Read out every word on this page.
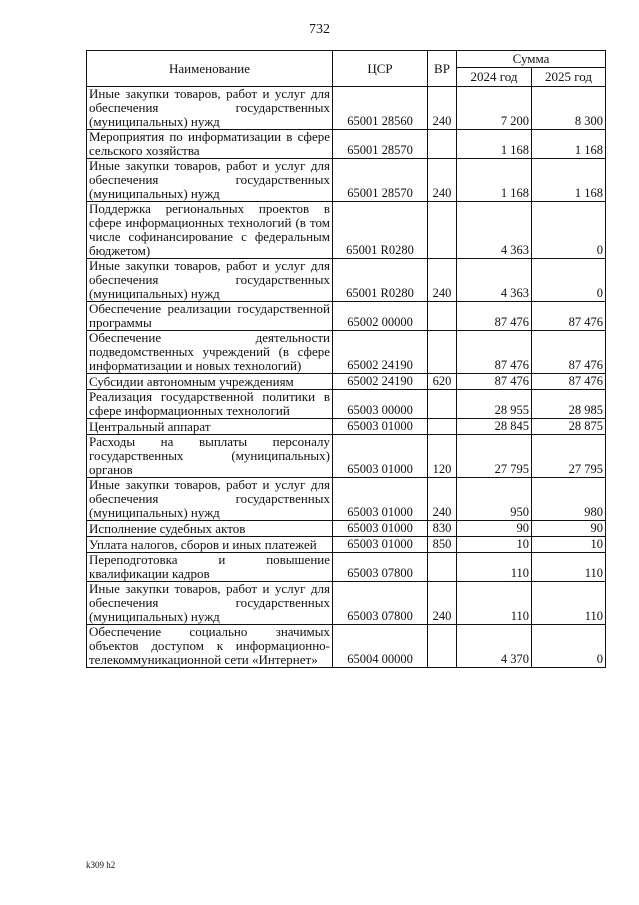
732
Наименование	ЦСР	ВР	Сумма	
			2024 год	2025 год
Иные закупки товаров, работ и услуг для обеспечения государственных (муниципальных) нужд	65001 28560	240	7 200	8 300
Мероприятия по информатизации в сфере сельского хозяйства	65001 28570		1 168	1 168
Иные закупки товаров, работ и услуг для обеспечения государственных (муниципальных) нужд	65001 28570	240	1 168	1 168
Поддержка региональных проектов в сфере информационных технологий (в том числе софинансирование с федеральным бюджетом)	65001 R0280		4 363	0
Иные закупки товаров, работ и услуг для обеспечения государственных (муниципальных) нужд	65001 R0280	240	4 363	0
Обеспечение реализации государственной программы	65002 00000		87 476	87 476
Обеспечение деятельности подведомственных учреждений (в сфере информатизации и новых технологий)	65002 24190		87 476	87 476
Субсидии автономным учреждениям	65002 24190	620	87 476	87 476
Реализация государственной политики в сфере информационных технологий	65003 00000		28 955	28 985
Центральный аппарат	65003 01000		28 845	28 875
Расходы на выплаты персоналу государственных (муниципальных) органов	65003 01000	120	27 795	27 795
Иные закупки товаров, работ и услуг для обеспечения государственных (муниципальных) нужд	65003 01000	240	950	980
Исполнение судебных актов	65003 01000	830	90	90
Уплата налогов, сборов и иных платежей	65003 01000	850	10	10
Переподготовка и повышение квалификации кадров	65003 07800		110	110
Иные закупки товаров, работ и услуг для обеспечения государственных (муниципальных) нужд	65003 07800	240	110	110
Обеспечение социально значимых объектов доступом к информационно-телекоммуникационной сети «Интернет»	65004 00000		4 370	0
k309 h2
